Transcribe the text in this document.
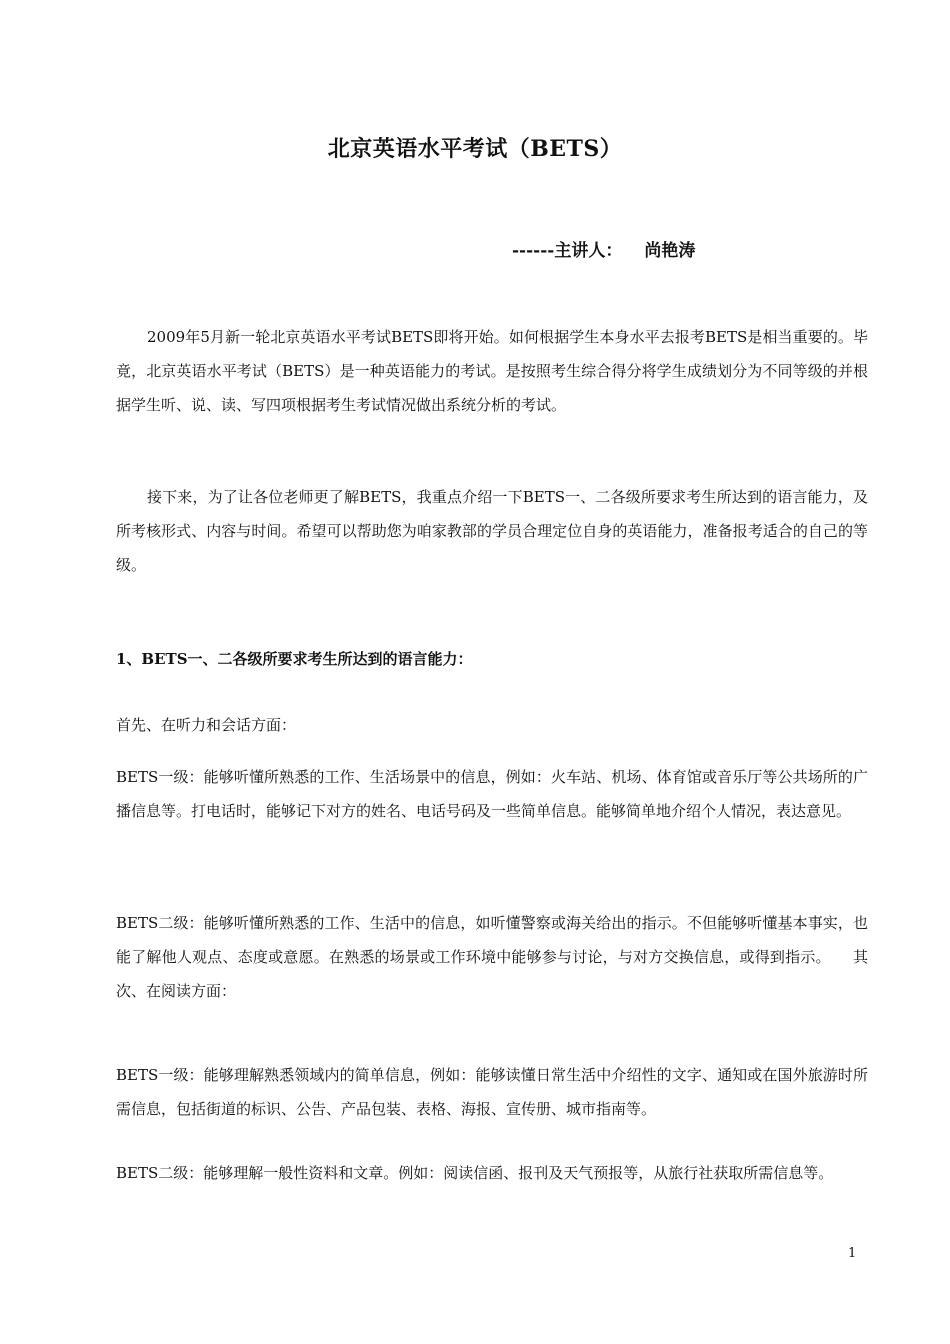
北京英语水平考试（BETS）
------主讲人： 尚艳涛
2009年5月新一轮北京英语水平考试BETS即将开始。如何根据学生本身水平去报考BETS是相当重要的。毕竟，北京英语水平考试（BETS）是一种英语能力的考试。是按照考生综合得分将学生成绩划分为不同等级的并根据学生听、说、读、写四项根据考生考试情况做出系统分析的考试。
接下来，为了让各位老师更了解BETS，我重点介绍一下BETS一、二各级所要求考生所达到的语言能力，及所考核形式、内容与时间。希望可以帮助您为咱家教部的学员合理定位自身的英语能力，准备报考适合的自己的等级。
1、BETS一、二各级所要求考生所达到的语言能力：
首先、在听力和会话方面：
BETS一级：能够听懂所熟悉的工作、生活场景中的信息，例如：火车站、机场、体育馆或音乐厅等公共场所的广播信息等。打电话时，能够记下对方的姓名、电话号码及一些简单信息。能够简单地介绍个人情况，表达意见。
BETS二级：能够听懂所熟悉的工作、生活中的信息，如听懂警察或海关给出的指示。不但能够听懂基本事实，也能了解他人观点、态度或意愿。在熟悉的场景或工作环境中能够参与讨论，与对方交换信息，或得到指示。 其次、在阅读方面：
BETS一级：能够理解熟悉领域内的简单信息，例如：能够读懂日常生活中介绍性的文字、通知或在国外旅游时所需信息，包括街道的标识、公告、产品包装、表格、海报、宣传册、城市指南等。
BETS二级：能够理解一般性资料和文章。例如：阅读信函、报刊及天气预报等，从旅行社获取所需信息等。
1
